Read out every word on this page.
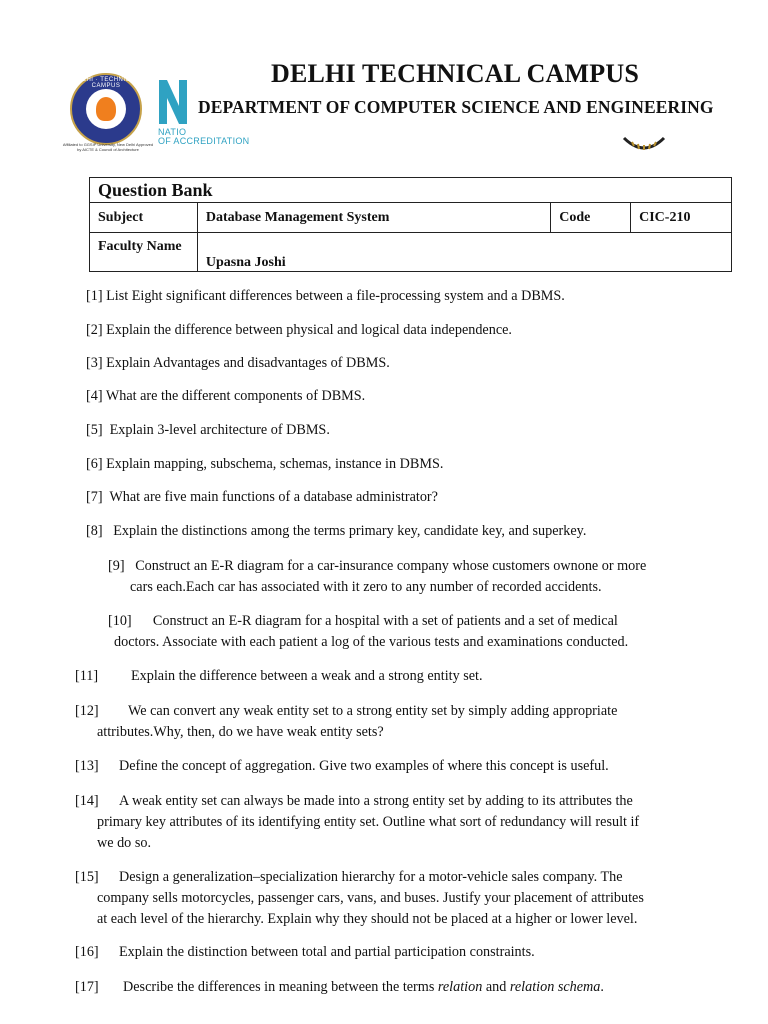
DELHI · TECHNICAL CAMPUS
Affiliated to GGSIP University, New Delhi Approved by AICTE & Council of Architecture
NATIO
OF ACCREDITATION
DELHI TECHNICAL CAMPUS
DEPARTMENT OF COMPUTER SCIENCE AND ENGINEERING
Question Bank			
Subject	Database Management System	Code	CIC-210
Faculty Name	Upasna Joshi		
[1] List Eight significant differences between a file-processing system and a DBMS.
[2] Explain the difference between physical and logical data independence.
[3] Explain Advantages and disadvantages of DBMS.
[4] What are the different components of DBMS.
[5] Explain 3-level architecture of DBMS.
[6] Explain mapping, subschema, schemas, instance in DBMS.
[7] What are five main functions of a database administrator?
[8] Explain the distinctions among the terms primary key, candidate key, and superkey.
[9] Construct an E-R diagram for a car-insurance company whose customers ownone or more
cars each.Each car has associated with it zero to any number of recorded accidents.
[10] Construct an E-R diagram for a hospital with a set of patients and a set of medical
doctors. Associate with each patient a log of the various tests and examinations conducted.
[11] Explain the difference between a weak and a strong entity set.
[12] We can convert any weak entity set to a strong entity set by simply adding appropriate
attributes.Why, then, do we have weak entity sets?
[13] Define the concept of aggregation. Give two examples of where this concept is useful.
[14] A weak entity set can always be made into a strong entity set by adding to its attributes the
primary key attributes of its identifying entity set. Outline what sort of redundancy will result if
we do so.
[15] Design a generalization–specialization hierarchy for a motor-vehicle sales company. The
company sells motorcycles, passenger cars, vans, and buses. Justify your placement of attributes
at each level of the hierarchy. Explain why they should not be placed at a higher or lower level.
[16] Explain the distinction between total and partial participation constraints.
[17] Describe the differences in meaning between the terms relation and relation schema.
